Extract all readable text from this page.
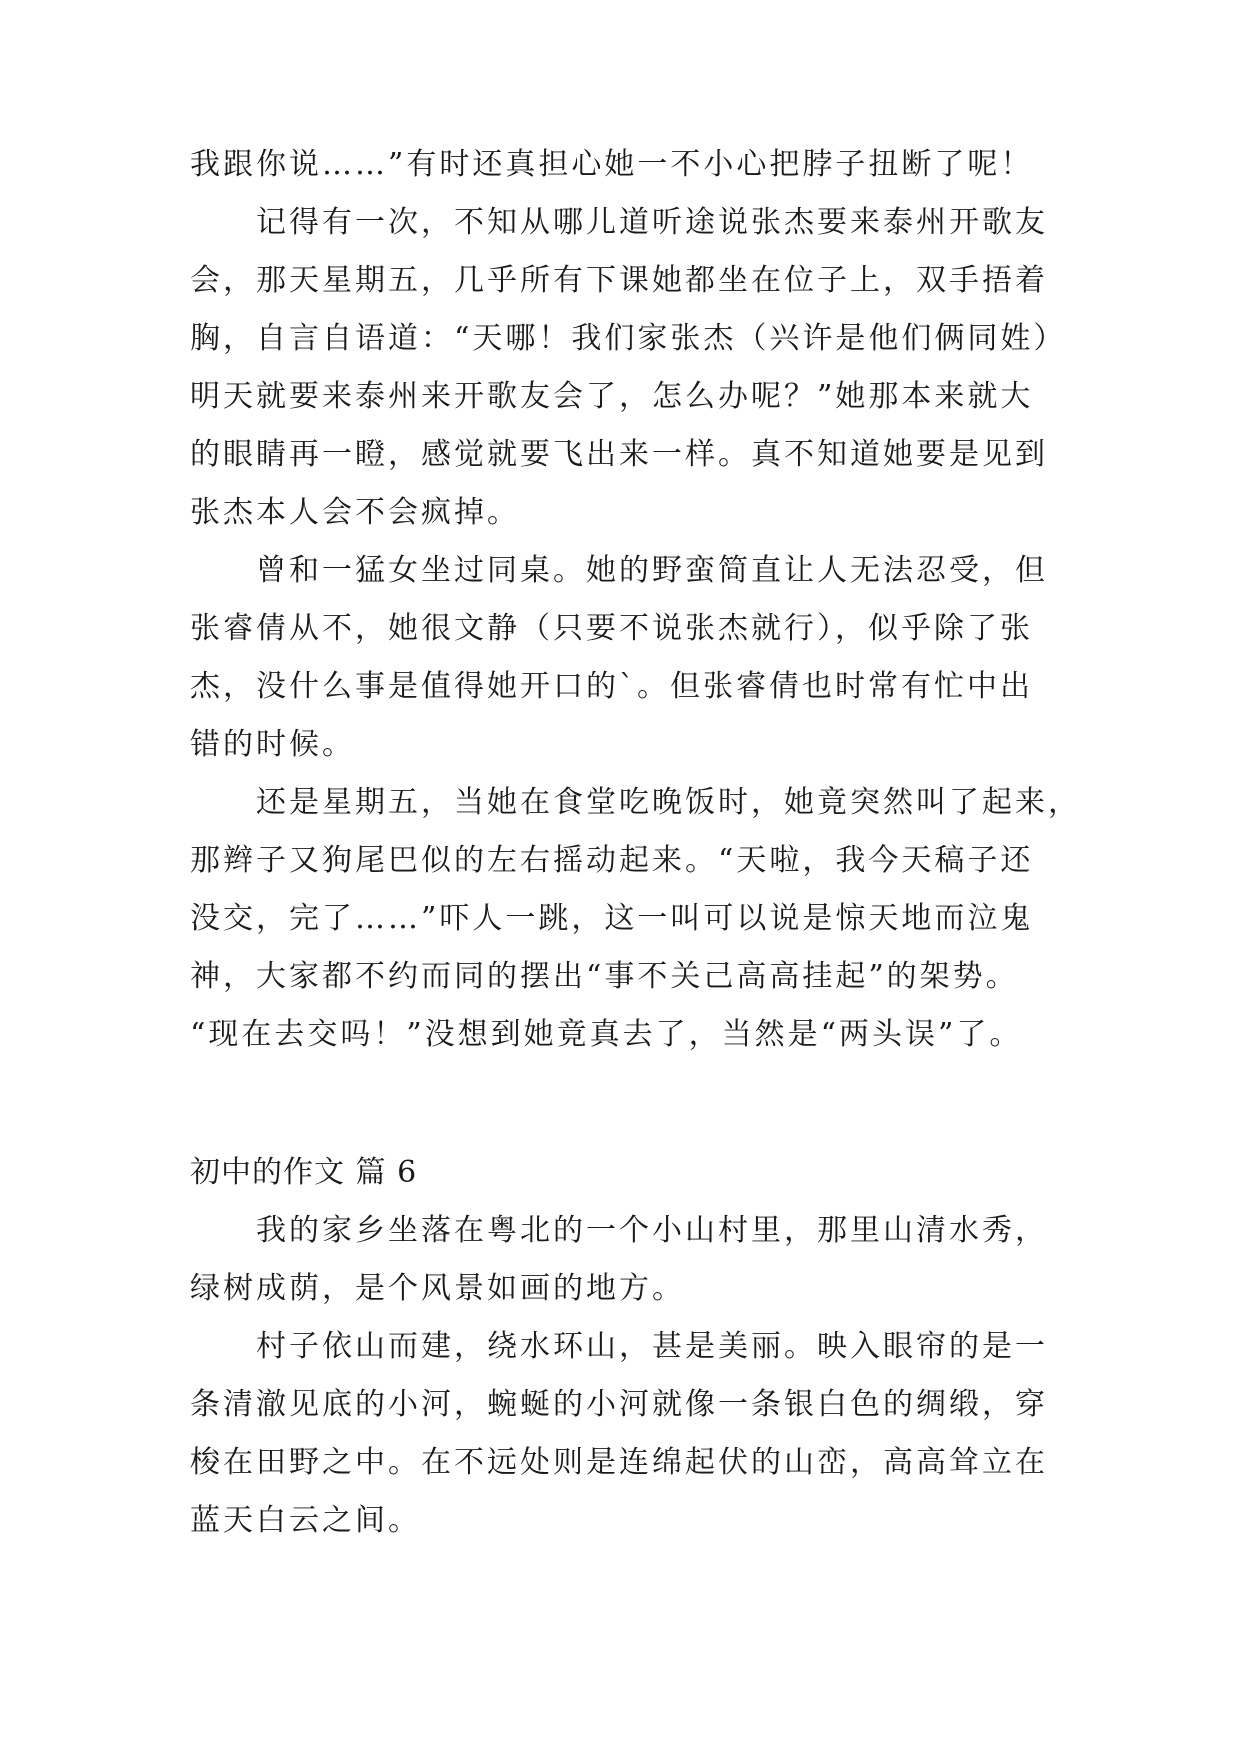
我跟你说……”有时还真担心她一不小心把脖子扭断了呢！
记得有一次，不知从哪儿道听途说张杰要来泰州开歌友
会，那天星期五，几乎所有下课她都坐在位子上，双手捂着
胸，自言自语道：“天哪！我们家张杰（兴许是他们俩同姓）
明天就要来泰州来开歌友会了，怎么办呢？”她那本来就大
的眼睛再一瞪，感觉就要飞出来一样。真不知道她要是见到
张杰本人会不会疯掉。
曾和一猛女坐过同桌。她的野蛮简直让人无法忍受，但
张睿倩从不，她很文静（只要不说张杰就行），似乎除了张
杰，没什么事是值得她开口的`。但张睿倩也时常有忙中出
错的时候。
还是星期五，当她在食堂吃晚饭时，她竟突然叫了起来，
那辫子又狗尾巴似的左右摇动起来。“天啦，我今天稿子还
没交，完了……”吓人一跳，这一叫可以说是惊天地而泣鬼
神，大家都不约而同的摆出“事不关己高高挂起”的架势。
“现在去交吗！”没想到她竟真去了，当然是“两头误”了。
初中的作文 篇 6
我的家乡坐落在粤北的一个小山村里，那里山清水秀，
绿树成荫，是个风景如画的地方。
村子依山而建，绕水环山，甚是美丽。映入眼帘的是一
条清澈见底的小河，蜿蜒的小河就像一条银白色的绸缎，穿
梭在田野之中。在不远处则是连绵起伏的山峦，高高耸立在
蓝天白云之间。
